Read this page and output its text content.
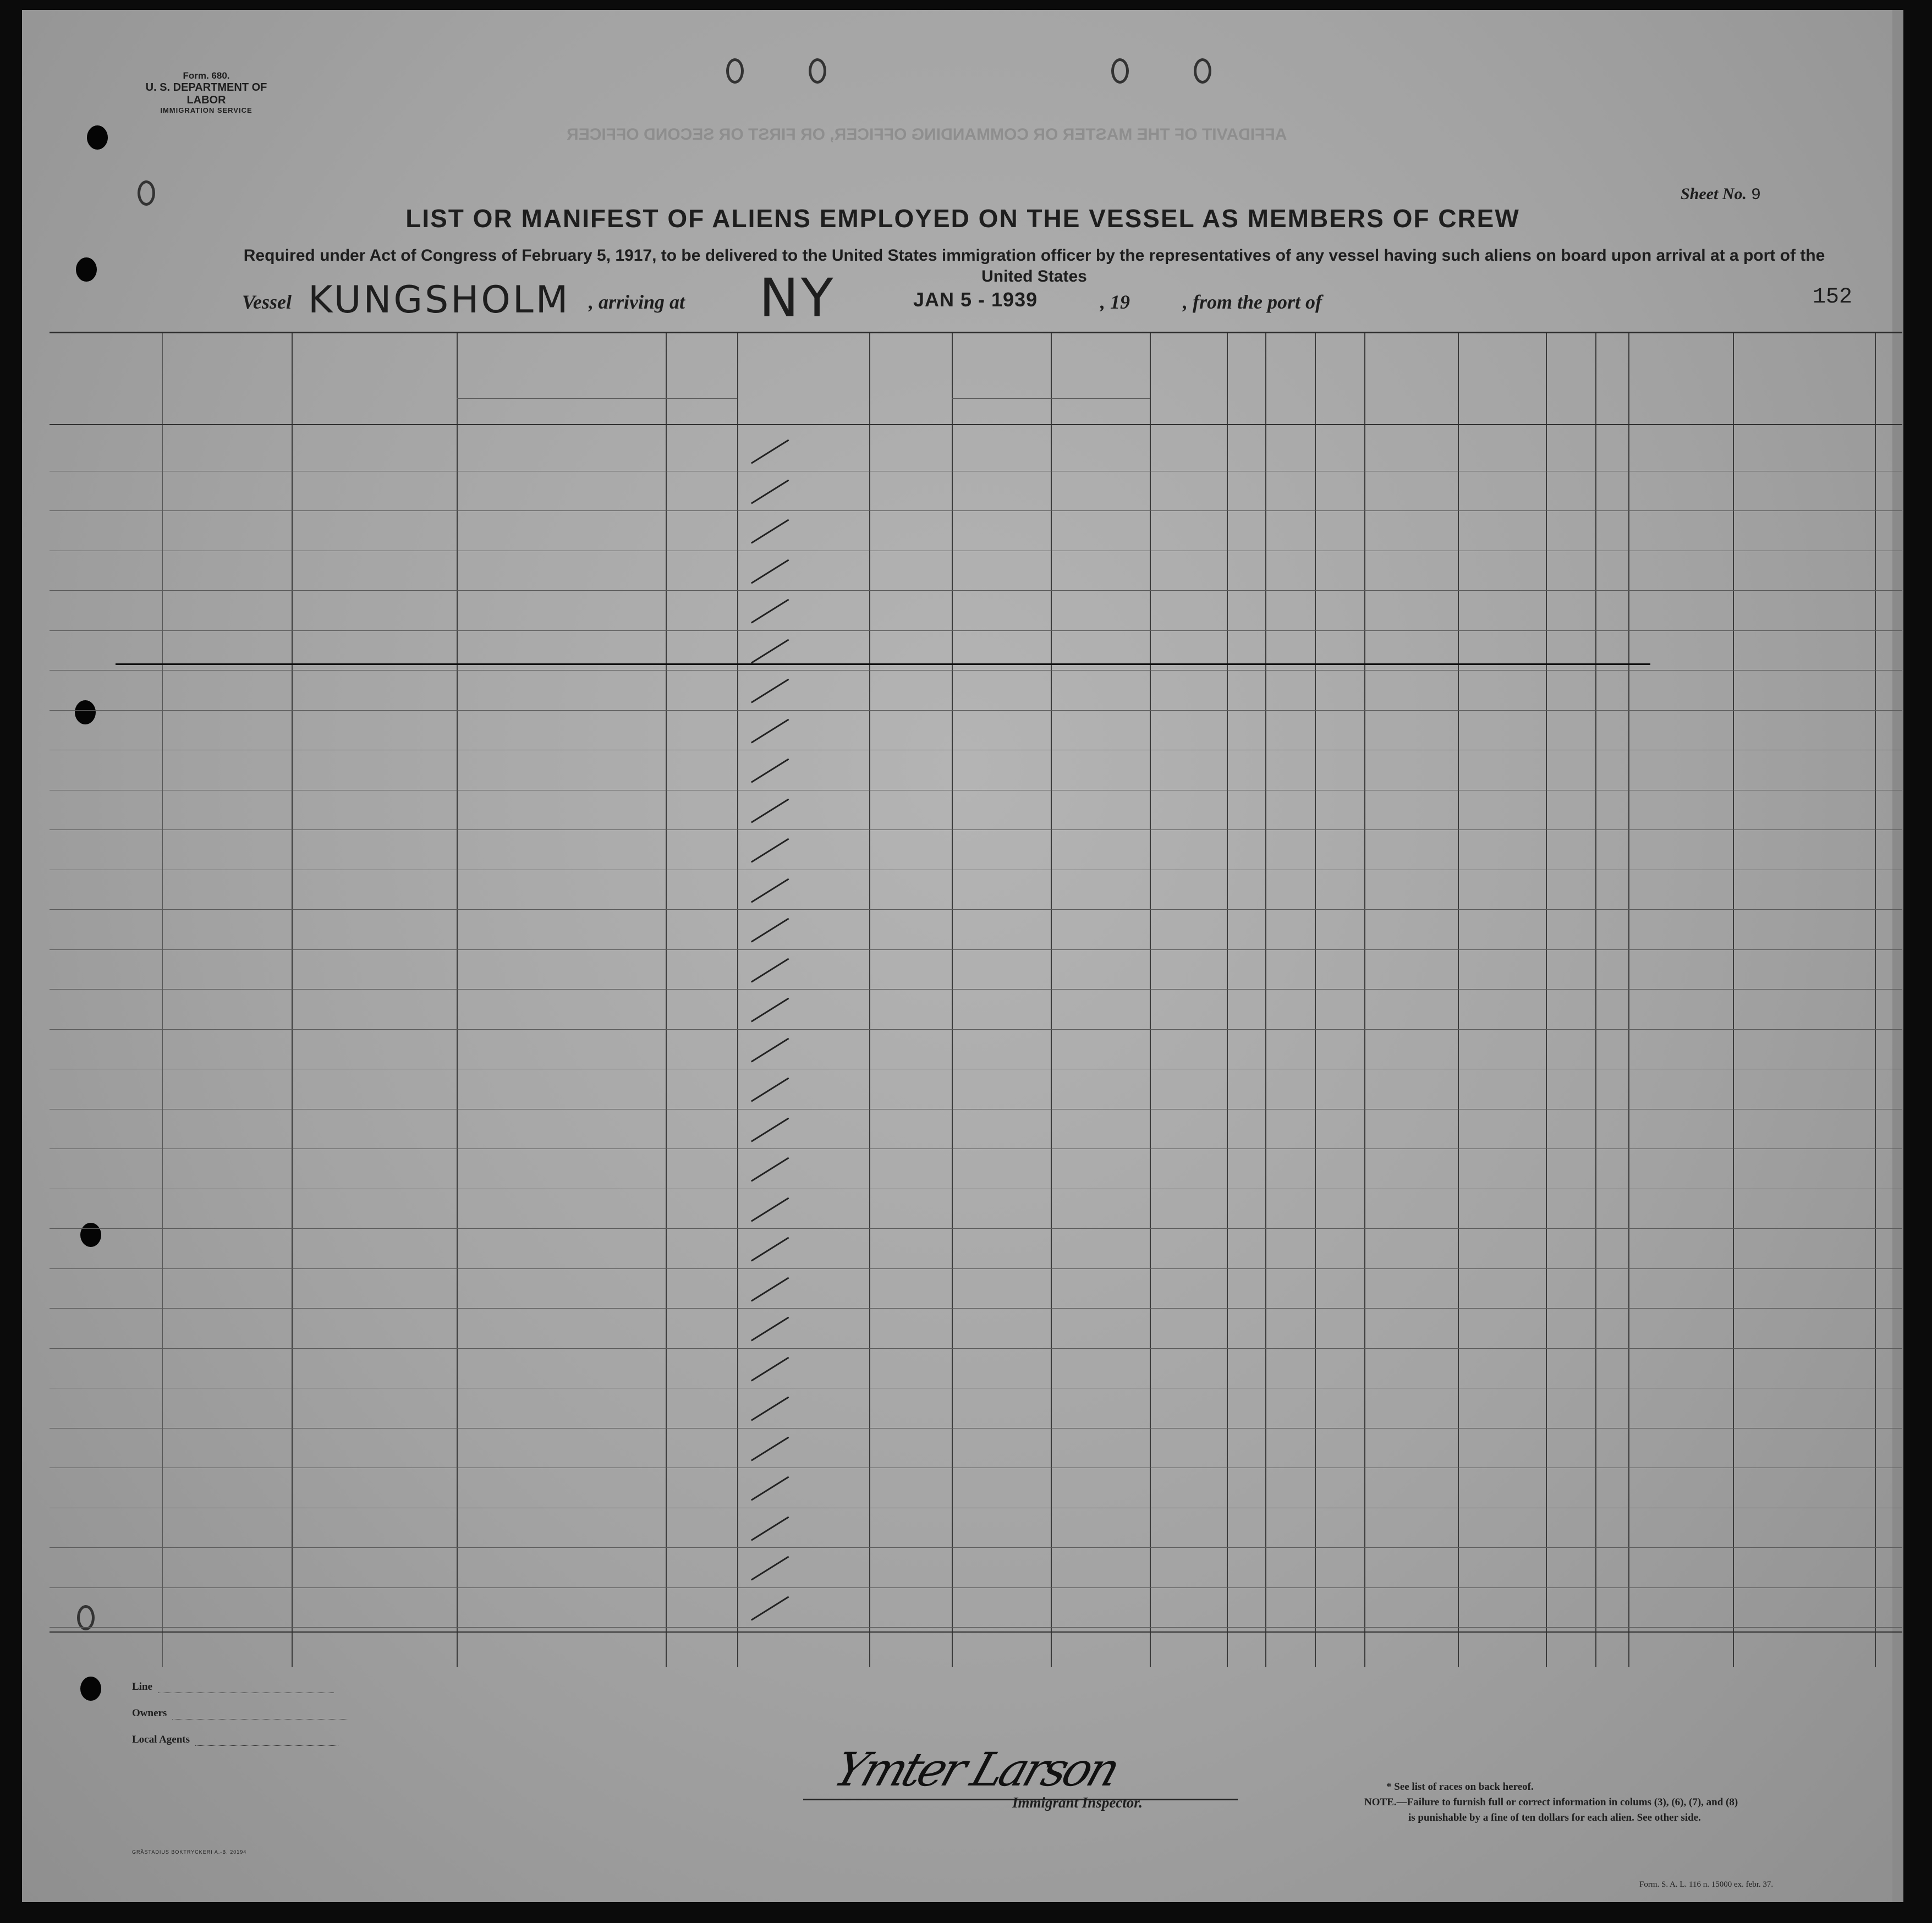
Form. 680.
U. S. DEPARTMENT OF LABOR
IMMIGRATION SERVICE
AFFIDAVIT OF THE MASTER OR COMMANDING OFFICER, OR FIRST OR SECOND OFFICER
Sheet No. 9
LIST OR MANIFEST OF ALIENS EMPLOYED ON THE VESSEL AS MEMBERS OF CREW
Required under Act of Congress of February 5, 1917, to be delivered to the United States immigration officer by the representatives of any vessel having such aliens on board upon arrival at a port of the United States
Vessel KUNGSHOLM , arriving at NY	JAN 5 - 1939	, 19	, from the port of	152
Line
Owners
Local Agents
Ymter Larson
Immigrant Inspector.
* See list of races on back hereof.
NOTE.—Failure to furnish full or correct information in colums (3), (6), (7), and (8)
is punishable by a fine of ten dollars for each alien. See other side.
GRÄSTADIUS BOKTRYCKERI A.-B. 20194
Form. S. A. L. 116 n. 15000 ex. febr. 37.
